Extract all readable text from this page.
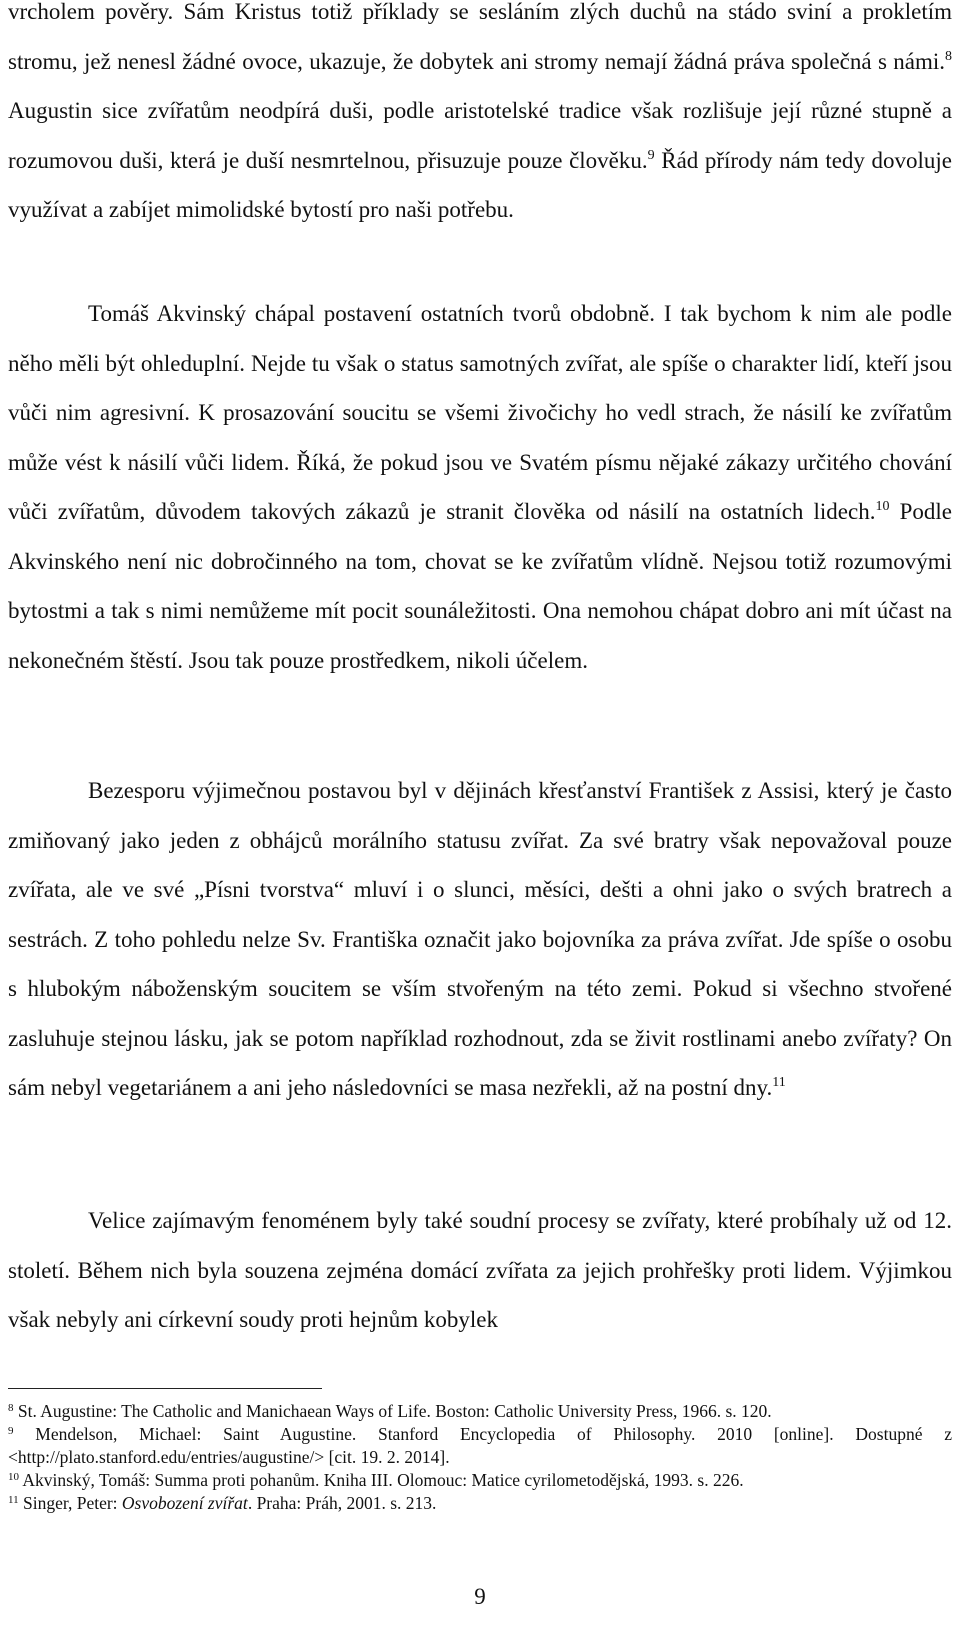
vrcholem pověry. Sám Kristus totiž příklady se sesláním zlých duchů na stádo sviní a prokletím stromu, jež nenesl žádné ovoce, ukazuje, že dobytek ani stromy nemají žádná práva společná s námi.$^8$ Augustin sice zvířatům neodpírá duši, podle aristotelské tradice však rozlišuje její různé stupně a rozumovou duši, která je duší nesmrtelnou, přisuzuje pouze člověku.$^9$ Řád přírody nám tedy dovoluje využívat a zabíjet mimolidské bytostí pro naši potřebu.

Tomáš Akvinský chápal postavení ostatních tvorů obdobně. I tak bychom k nim ale podle něho měli být ohleduplní. Nejde tu však o status samotných zvířat, ale spíše o charakter lidí, kteří jsou vůči nim agresivní. K prosazování soucitu se všemi živočichy ho vedl strach, že násilí ke zvířatům může vést k násilí vůči lidem. Říká, že pokud jsou ve Svatém písmu nějaké zákazy určitého chování vůči zvířatům, důvodem takových zákazů je stranit člověka od násilí na ostatních lidech.$^{10}$ Podle Akvinského není nic dobročinného na tom, chovat se ke zvířatům vlídně. Nejsou totiž rozumovými bytostmi a tak s nimi nemůžeme mít pocit sounáležitosti. Ona nemohou chápat dobro ani mít účast na nekonečném štěstí. Jsou tak pouze prostředkem, nikoli účelem.

Bezesporu výjimečnou postavou byl v dějinách křesťanství František z Assisi, který je často zmiňovaný jako jeden z obhájců morálního statusu zvířat. Za své bratry však nepovažoval pouze zvířata, ale ve své „Písni tvorstva“ mluví i o slunci, měsíci, dešti a ohni jako o svých bratrech a sestrách. Z toho pohledu nelze Sv. Františka označit jako bojovníka za práva zvířat. Jde spíše o osobu s hlubokým náboženským soucitem se vším stvořeným na této zemi. Pokud si všechno stvořené zasluhuje stejnou lásku, jak se potom například rozhodnout, zda se živit rostlinami anebo zvířaty? On sám nebyl vegetariánem a ani jeho následovníci se masa nezřekli, až na postní dny.$^{11}$

Velice zajímavým fenoménem byly také soudní procesy se zvířaty, které probíhaly už od 12. století. Během nich byla souzena zejména domácí zvířata za jejich prohřešky proti lidem. Výjimkou však nebyly ani církevní soudy proti hejnům kobylek

$^8$ St. Augustine: The Catholic and Manichaean Ways of Life. Boston: Catholic University Press, 1966. s. 120.

$^9$ Mendelson, Michael: Saint Augustine. Stanford Encyclopedia of Philosophy. 2010 [online]. Dostupné z <http://plato.stanford.edu/entries/augustine/> [cit. 19. 2. 2014].

$^{10}$ Akvinský, Tomáš: Summa proti pohanům. Kniha III. Olomouc: Matice cyrilometodějská, 1993. s. 226.

$^{11}$ Singer, Peter: Osvobození zvířat. Praha: Práh, 2001. s. 213.

9
